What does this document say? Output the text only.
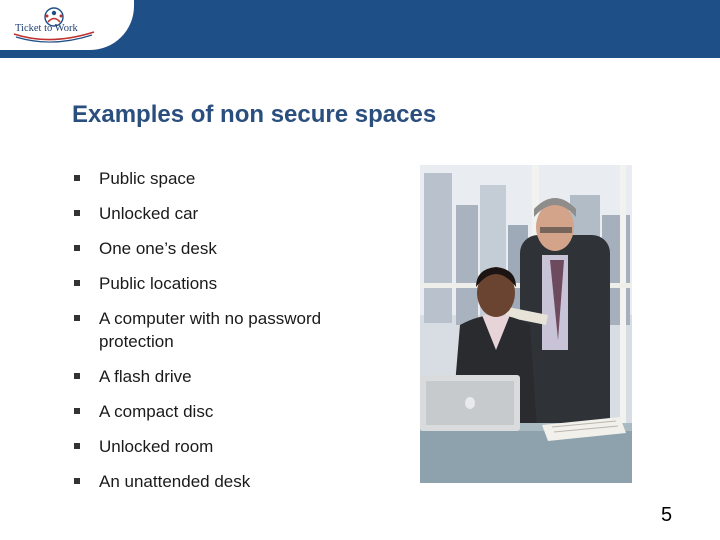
Ticket to Work
Examples of non secure spaces
Public space
Unlocked car
One one’s desk
Public locations
A computer with no password protection
A flash drive
A compact disc
Unlocked room
An unattended desk
5
